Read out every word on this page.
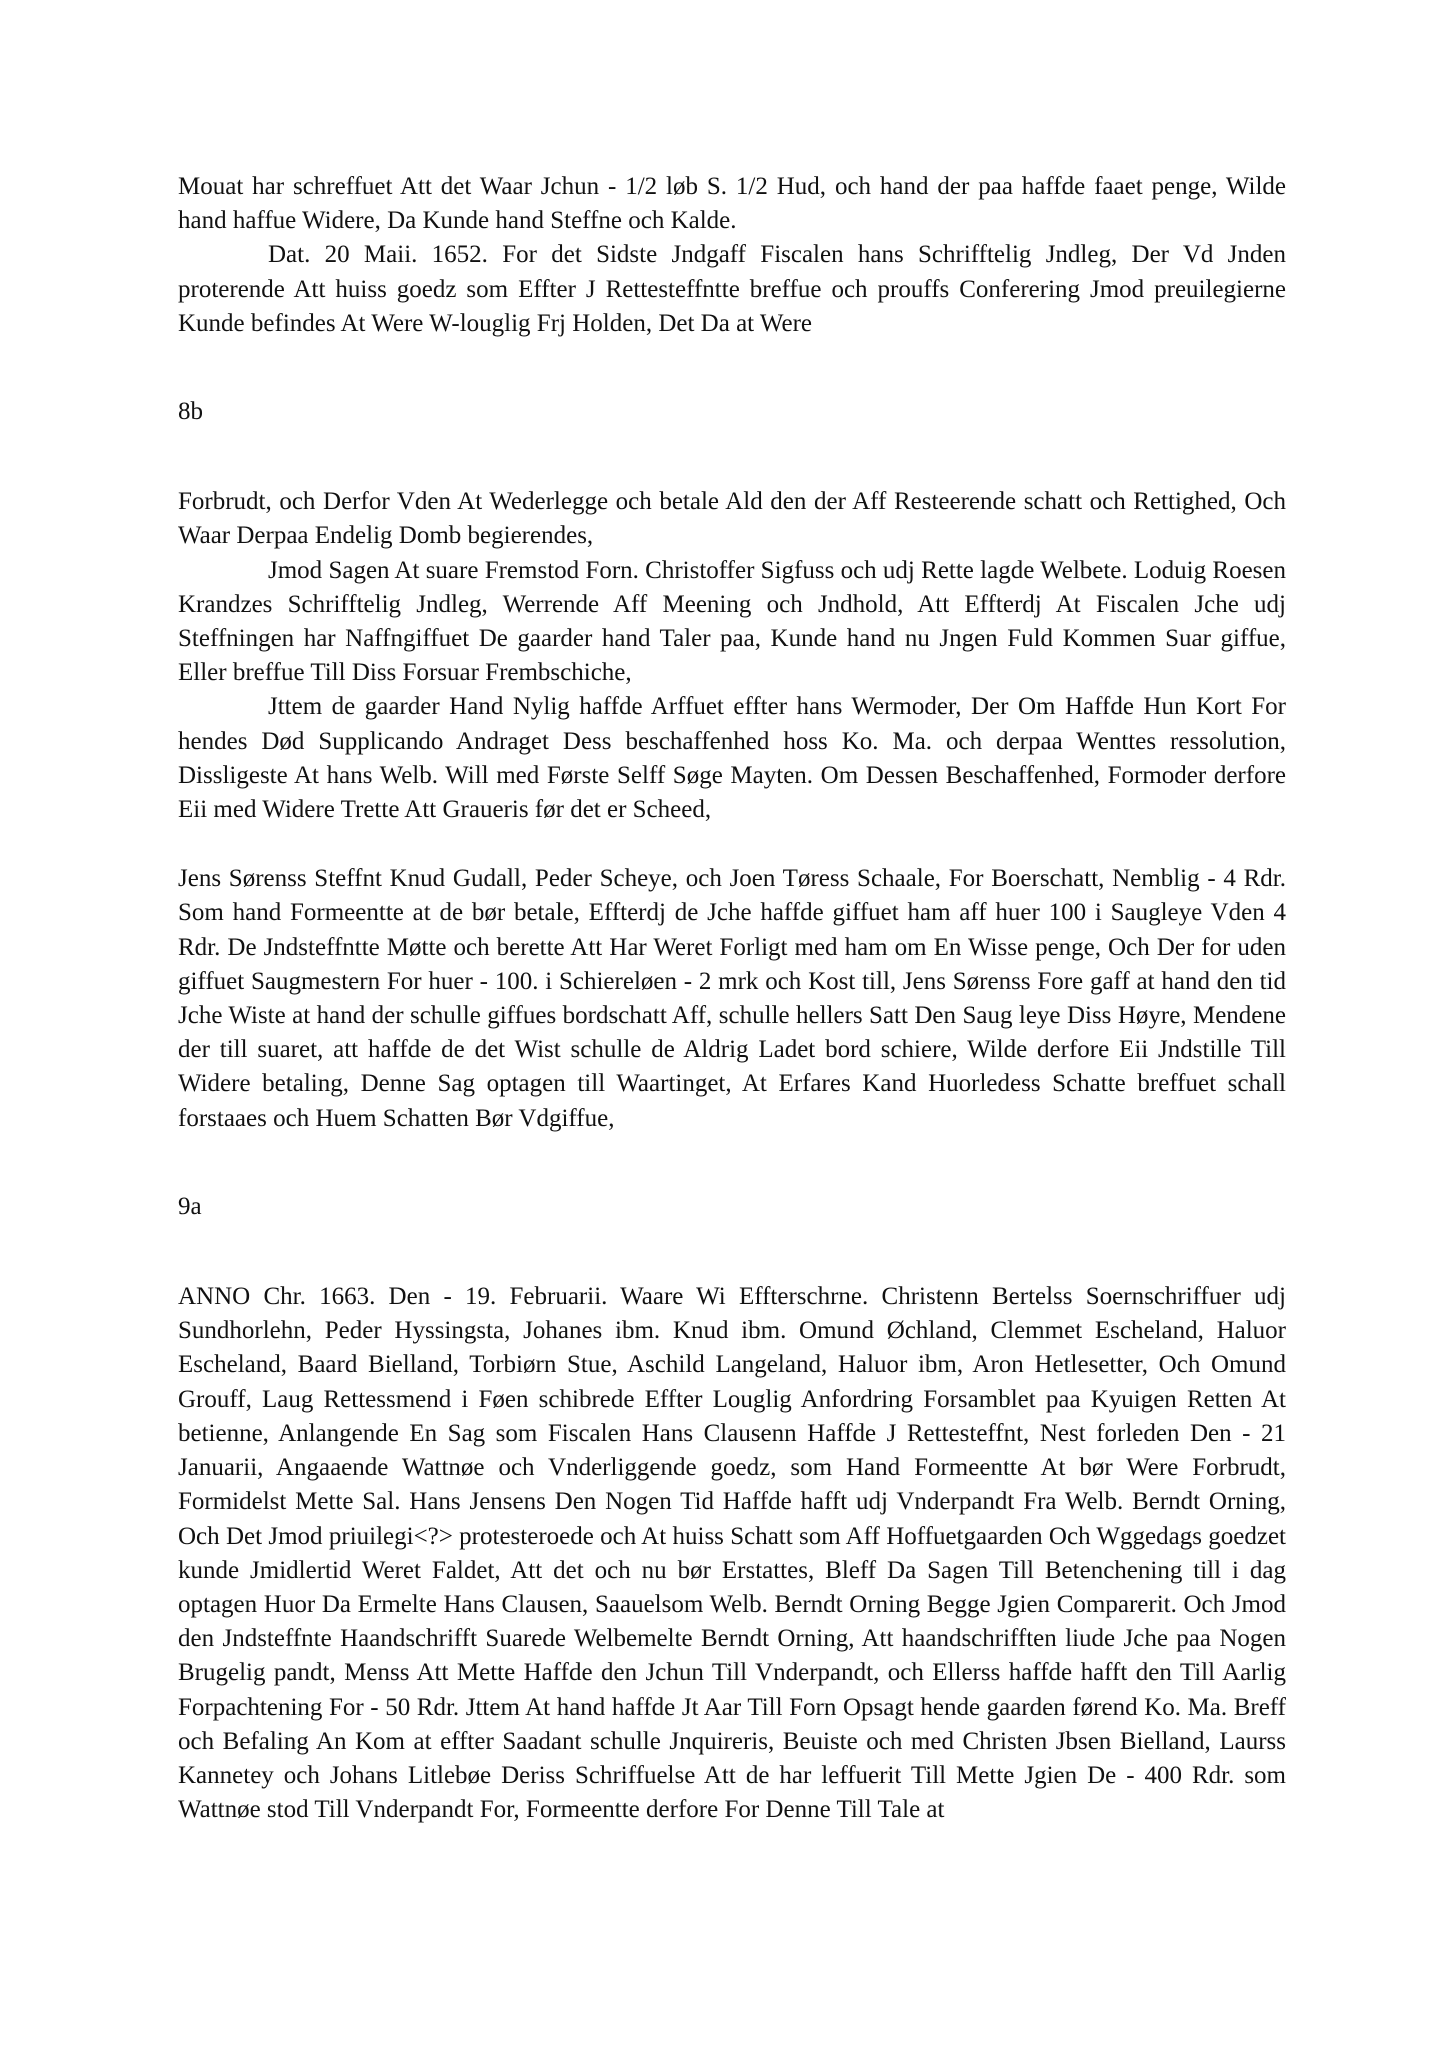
Mouat har schreffuet Att det Waar Jchun - 1/2 løb S. 1/2 Hud, och hand der paa haffde faaet penge, Wilde hand haffue Widere, Da Kunde hand Steffne och Kalde.

Dat. 20 Maii. 1652. For det Sidste Jndgaff Fiscalen hans Schrifftelig Jndleg, Der Vd Jnden proterende Att huiss goedz som Effter J Rettesteffntte breffue och prouffs Conferering Jmod preuilegierne Kunde befindes At Were W-louglig Frj Holden, Det Da at Were

8b

Forbrudt, och Derfor Vden At Wederlegge och betale Ald den der Aff Resteerende schatt och Rettighed, Och Waar Derpaa Endelig Domb begierendes,

Jmod Sagen At suare Fremstod Forn. Christoffer Sigfuss och udj Rette lagde Welbete. Loduig Roesen Krandzes Schrifftelig Jndleg, Werrende Aff Meening och Jndhold, Att Effterdj At Fiscalen Jche udj Steffningen har Naffngiffuet De gaarder hand Taler paa, Kunde hand nu Jngen Fuld Kommen Suar giffue, Eller breffue Till Diss Forsuar Frembschiche,

Jttem de gaarder Hand Nylig haffde Arffuet effter hans Wermoder, Der Om Haffde Hun Kort For hendes Død Supplicando Andraget Dess beschaffenhed hoss Ko. Ma. och derpaa Wenttes ressolution, Dissligeste At hans Welb. Will med Første Selff Søge Mayten. Om Dessen Beschaffenhed, Formoder derfore Eii med Widere Trette Att Graueris før det er Scheed,

Jens Sørenss Steffnt Knud Gudall, Peder Scheye, och Joen Tøress Schaale, For Boerschatt, Nemblig - 4 Rdr. Som hand Formeentte at de bør betale, Effterdj de Jche haffde giffuet ham aff huer 100 i Saugleye Vden 4 Rdr. De Jndsteffntte Møtte och berette Att Har Weret Forligt med ham om En Wisse penge, Och Der for uden giffuet Saugmestern For huer - 100. i Schiereløen - 2 mrk och Kost till, Jens Sørenss Fore gaff at hand den tid Jche Wiste at hand der schulle giffues bordschatt Aff, schulle hellers Satt Den Saug leye Diss Høyre, Mendene der till suaret, att haffde de det Wist schulle de Aldrig Ladet bord schiere, Wilde derfore Eii Jndstille Till Widere betaling, Denne Sag optagen till Waartinget, At Erfares Kand Huorledess Schatte breffuet schall forstaaes och Huem Schatten Bør Vdgiffue,

9a

ANNO Chr. 1663. Den - 19. Februarii. Waare Wi Effterschrne. Christenn Bertelss Soernschriffuer udj Sundhorlehn, Peder Hyssingsta, Johanes ibm. Knud ibm. Omund Øchland, Clemmet Escheland, Haluor Escheland, Baard Bielland, Torbiørn Stue, Aschild Langeland, Haluor ibm, Aron Hetlesetter, Och Omund Grouff, Laug Rettessmend i Føen schibrede Effter Louglig Anfordring Forsamblet paa Kyuigen Retten At betienne, Anlangende En Sag som Fiscalen Hans Clausenn Haffde J Rettesteffnt, Nest forleden Den - 21 Januarii, Angaaende Wattnøe och Vnderliggende goedz, som Hand Formeentte At bør Were Forbrudt, Formidelst Mette Sal. Hans Jensens Den Nogen Tid Haffde hafft udj Vnderpandt Fra Welb. Berndt Orning, Och Det Jmod priuilegi<?> protesteroede och At huiss Schatt som Aff Hoffuetgaarden Och Wggedags goedzet kunde Jmidlertid Weret Faldet, Att det och nu bør Erstattes, Bleff Da Sagen Till Betenchening till i dag optagen Huor Da Ermelte Hans Clausen, Saauelsom Welb. Berndt Orning Begge Jgien Comparerit. Och Jmod den Jndsteffnte Haandschrifft Suarede Welbemelte Berndt Orning, Att haandschrifften liude Jche paa Nogen Brugelig pandt, Menss Att Mette Haffde den Jchun Till Vnderpandt, och Ellerss haffde hafft den Till Aarlig Forpachtening For - 50 Rdr. Jttem At hand haffde Jt Aar Till Forn Opsagt hende gaarden førend Ko. Ma. Breff och Befaling An Kom at effter Saadant schulle Jnquireris, Beuiste och med Christen Jbsen Bielland, Laurss Kannetey och Johans Litlebøe Deriss Schriffuelse Att de har leffuerit Till Mette Jgien De - 400 Rdr. som Wattnøe stod Till Vnderpandt For, Formeentte derfore For Denne Till Tale at
